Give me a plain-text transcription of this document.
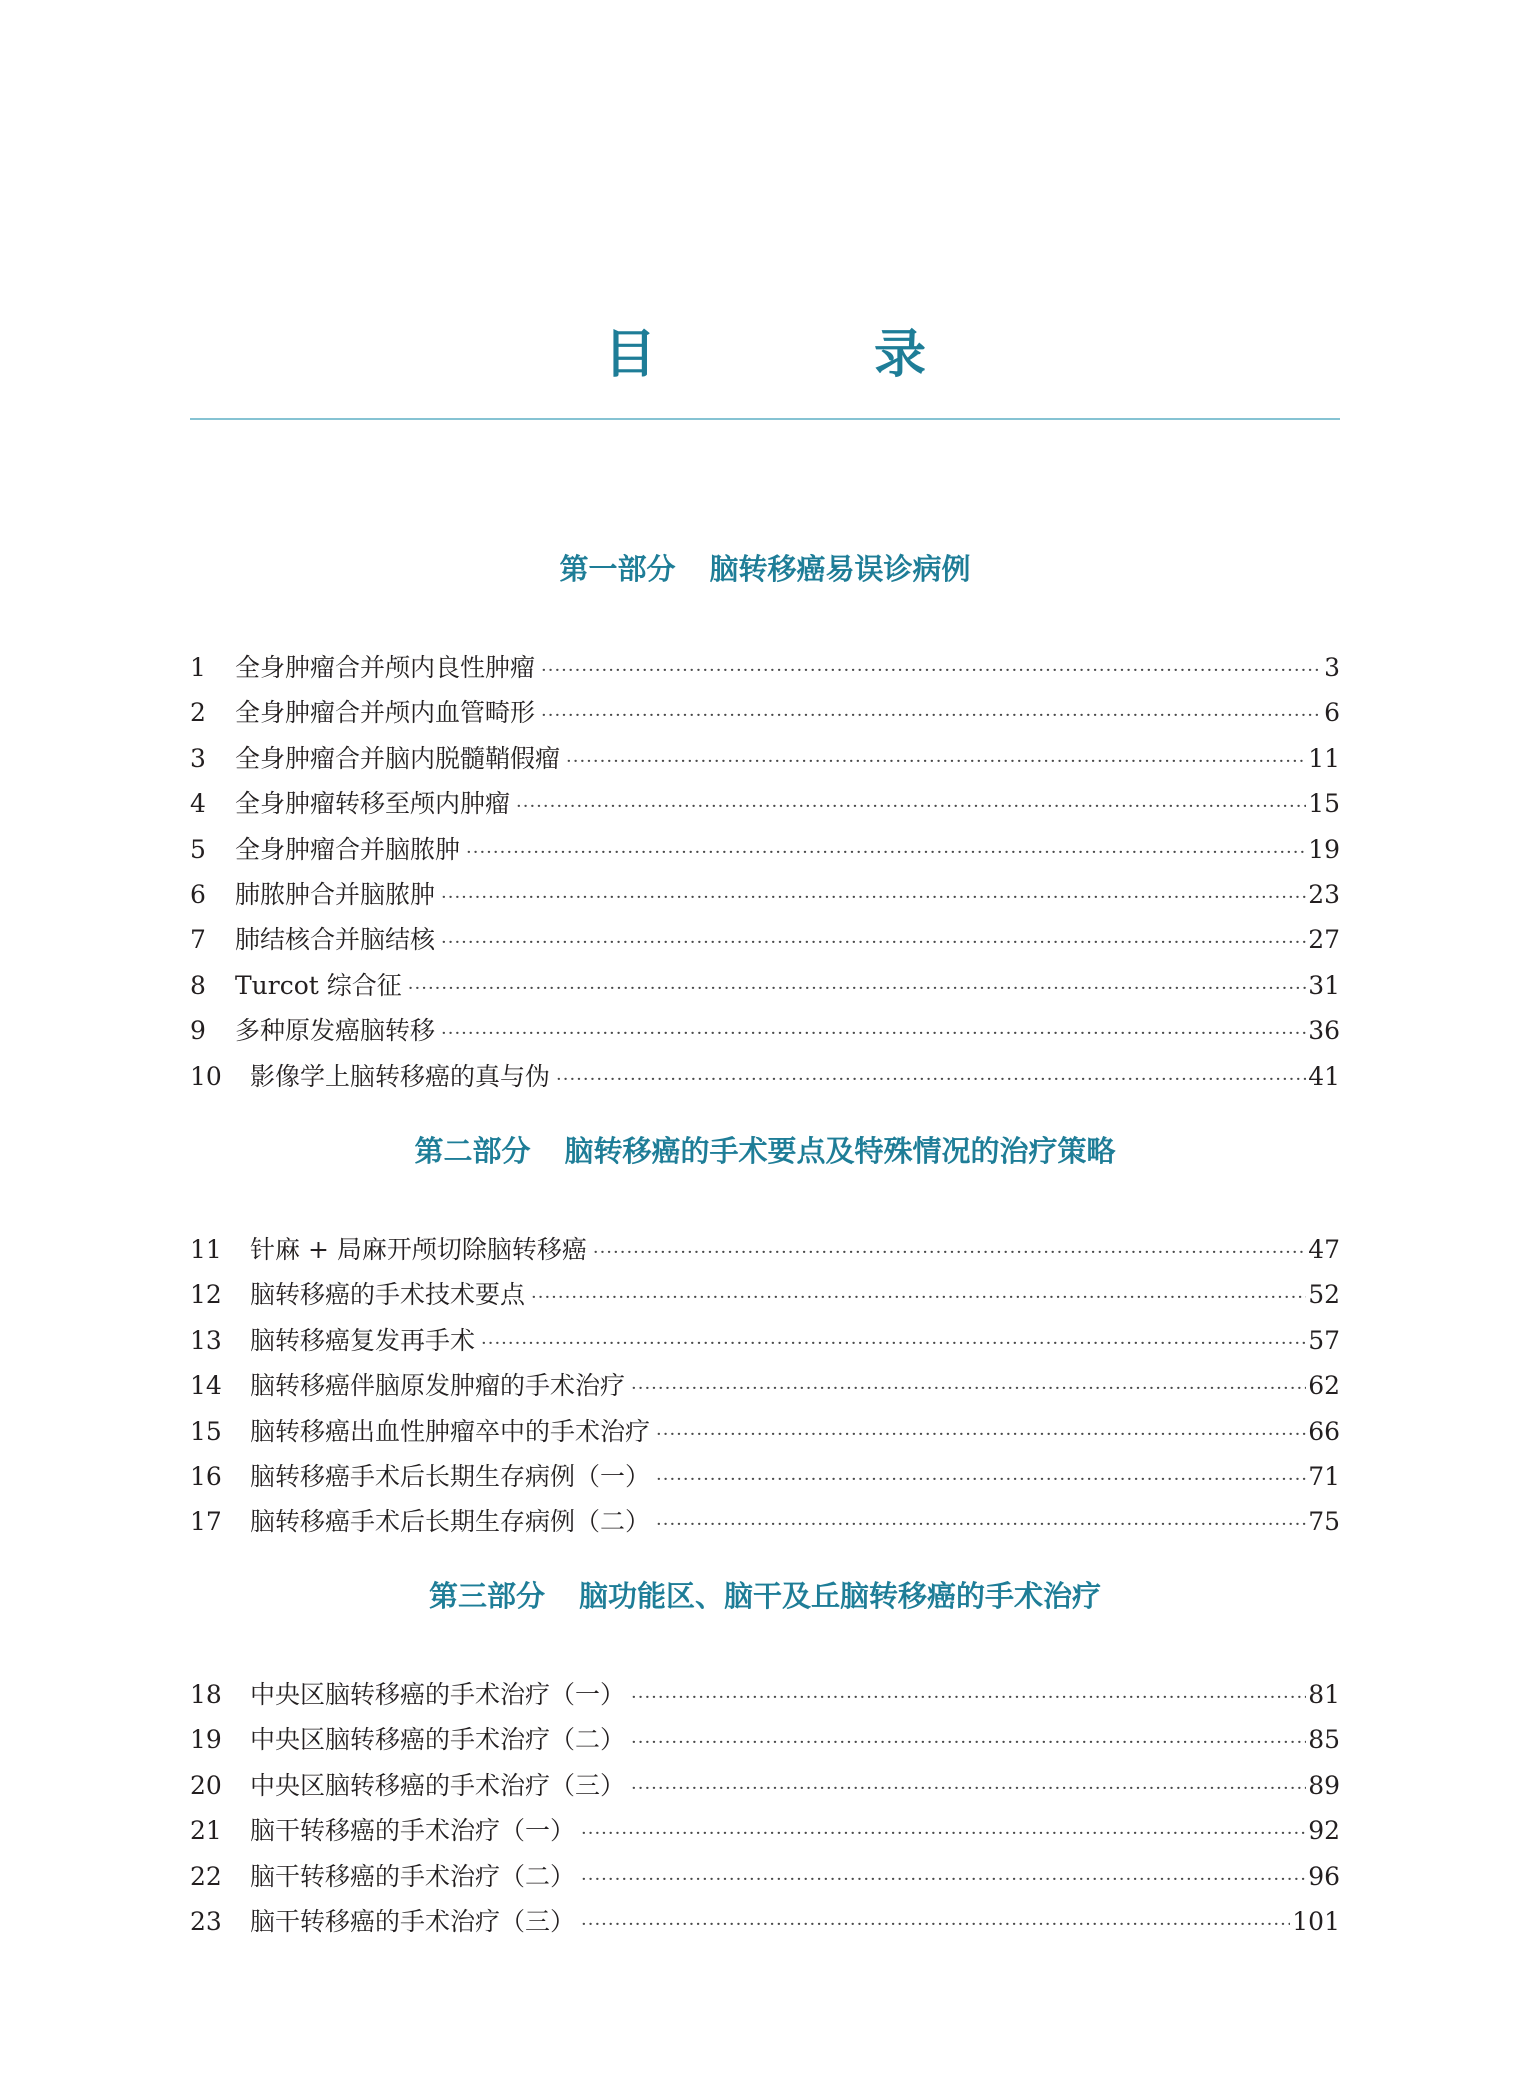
目 录
第一部分 脑转移癌易误诊病例
1	全身肿瘤合并颅内良性肿瘤 ·····	3
2	全身肿瘤合并颅内血管畸形 ·····	6
3	全身肿瘤合并脑内脱髓鞘假瘤 ·····	11
4	全身肿瘤转移至颅内肿瘤 ·····	15
5	全身肿瘤合并脑脓肿 ·····	19
6	肺脓肿合并脑脓肿 ·····	23
7	肺结核合并脑结核 ·····	27
8	Turcot 综合征 ·····	31
9	多种原发癌脑转移 ·····	36
10	影像学上脑转移癌的真与伪 ·····	41
第二部分 脑转移癌的手术要点及特殊情况的治疗策略
11	针麻 + 局麻开颅切除脑转移癌 ·····	47
12	脑转移癌的手术技术要点 ·····	52
13	脑转移癌复发再手术 ·····	57
14	脑转移癌伴脑原发肿瘤的手术治疗 ·····	62
15	脑转移癌出血性肿瘤卒中的手术治疗 ·····	66
16	脑转移癌手术后长期生存病例（一） ·····	71
17	脑转移癌手术后长期生存病例（二） ·····	75
第三部分 脑功能区、脑干及丘脑转移癌的手术治疗
18	中央区脑转移癌的手术治疗（一） ·····	81
19	中央区脑转移癌的手术治疗（二） ·····	85
20	中央区脑转移癌的手术治疗（三） ·····	89
21	脑干转移癌的手术治疗（一） ·····	92
22	脑干转移癌的手术治疗（二） ·····	96
23	脑干转移癌的手术治疗（三） ·····	101
